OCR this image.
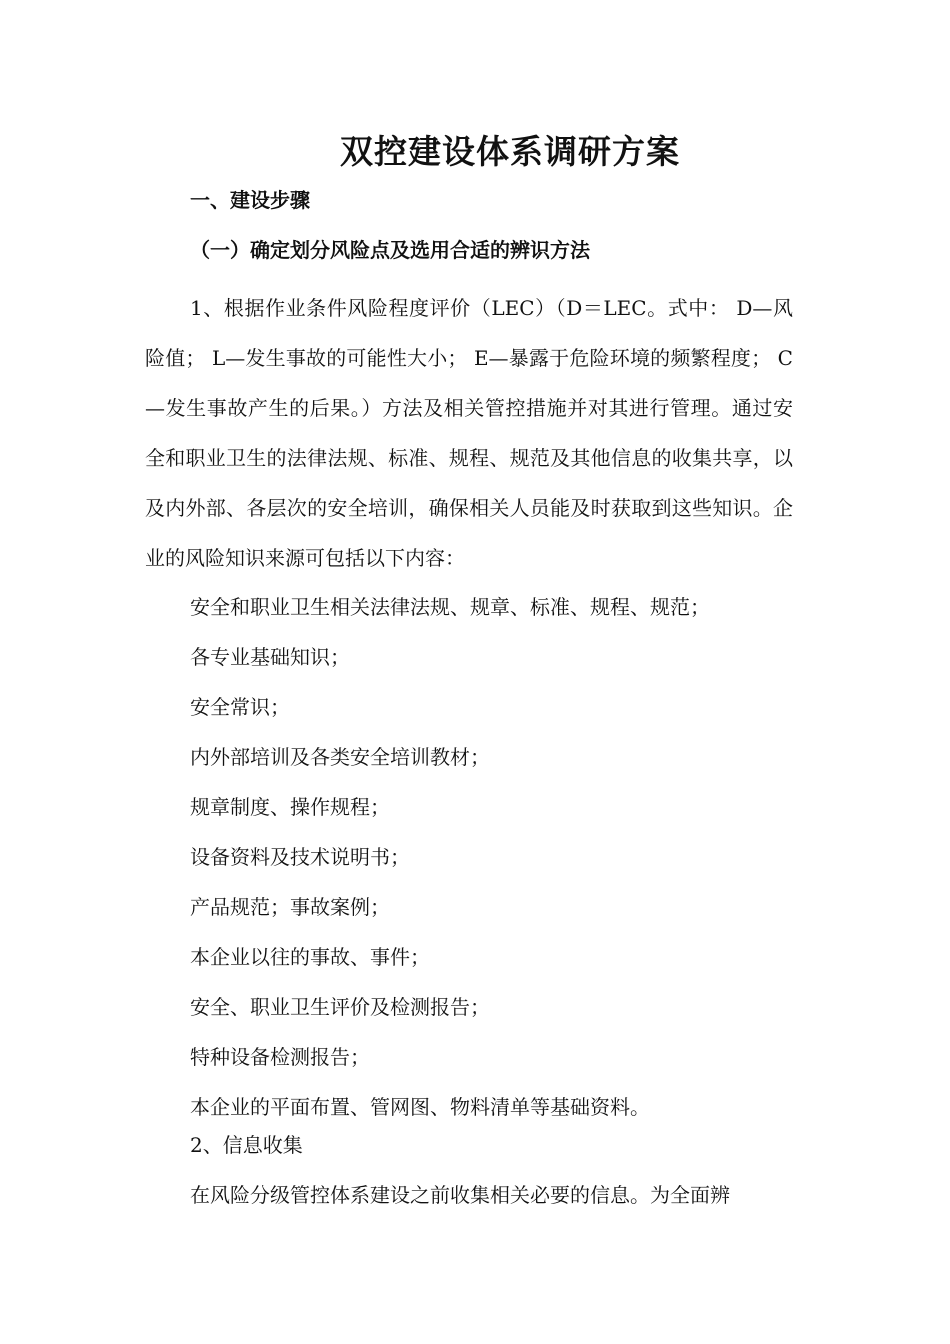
双控建设体系调研方案
一、建设步骤
（一）确定划分风险点及选用合适的辨识方法

1、根据作业条件风险程度评价（LEC）（D＝LEC。式中： D—风险值； L—发生事故的可能性大小； E—暴露于危险环境的频繁程度； C—发生事故产生的后果。）方法及相关管控措施并对其进行管理。通过安全和职业卫生的法律法规、标准、规程、规范及其他信息的收集共享，以及内外部、各层次的安全培训，确保相关人员能及时获取到这些知识。企业的风险知识来源可包括以下内容：

安全和职业卫生相关法律法规、规章、标准、规程、规范；
各专业基础知识；
安全常识；
内外部培训及各类安全培训教材；
规章制度、操作规程；
设备资料及技术说明书；
产品规范；事故案例；
本企业以往的事故、事件；
安全、职业卫生评价及检测报告；
特种设备检测报告；
本企业的平面布置、管网图、物料清单等基础资料。
2、信息收集
在风险分级管控体系建设之前收集相关必要的信息。为全面辨
